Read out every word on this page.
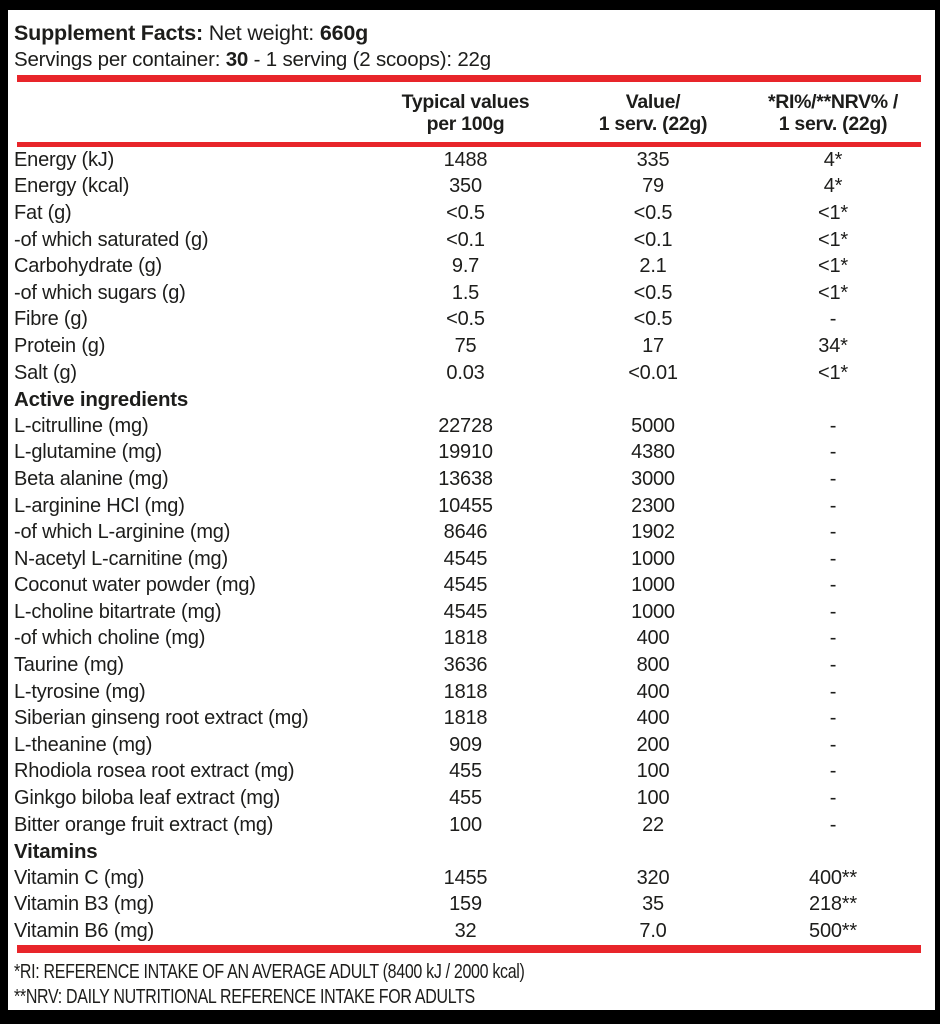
Supplement Facts: Net weight: 660g
Servings per container: 30 - 1 serving (2 scoops): 22g
Typical values
per 100g
Value/
1 serv. (22g)
*RI%/**NRV% /
1 serv. (22g)
Energy (kJ)	1488	335	4*
Energy (kcal)	350	79	4*
Fat (g)	<0.5	<0.5	<1*
-of which saturated (g)	<0.1	<0.1	<1*
Carbohydrate (g)	9.7	2.1	<1*
-of which sugars (g)	1.5	<0.5	<1*
Fibre (g)	<0.5	<0.5	-
Protein (g)	75	17	34*
Salt (g)	0.03	<0.01	<1*
Active ingredients
L-citrulline (mg)	22728	5000	-
L-glutamine (mg)	19910	4380	-
Beta alanine (mg)	13638	3000	-
L-arginine HCl (mg)	10455	2300	-
-of which L-arginine (mg)	8646	1902	-
N-acetyl L-carnitine (mg)	4545	1000	-
Coconut water powder (mg)	4545	1000	-
L-choline bitartrate (mg)	4545	1000	-
-of which choline (mg)	1818	400	-
Taurine (mg)	3636	800	-
L-tyrosine (mg)	1818	400	-
Siberian ginseng root extract (mg)	1818	400	-
L-theanine (mg)	909	200	-
Rhodiola rosea root extract (mg)	455	100	-
Ginkgo biloba leaf extract (mg)	455	100	-
Bitter orange fruit extract (mg)	100	22	-
Vitamins
Vitamin C (mg)	1455	320	400**
Vitamin B3 (mg)	159	35	218**
Vitamin B6 (mg)	32	7.0	500**
*RI: REFERENCE INTAKE OF AN AVERAGE ADULT (8400 kJ / 2000 kcal)
**NRV: DAILY NUTRITIONAL REFERENCE INTAKE FOR ADULTS
